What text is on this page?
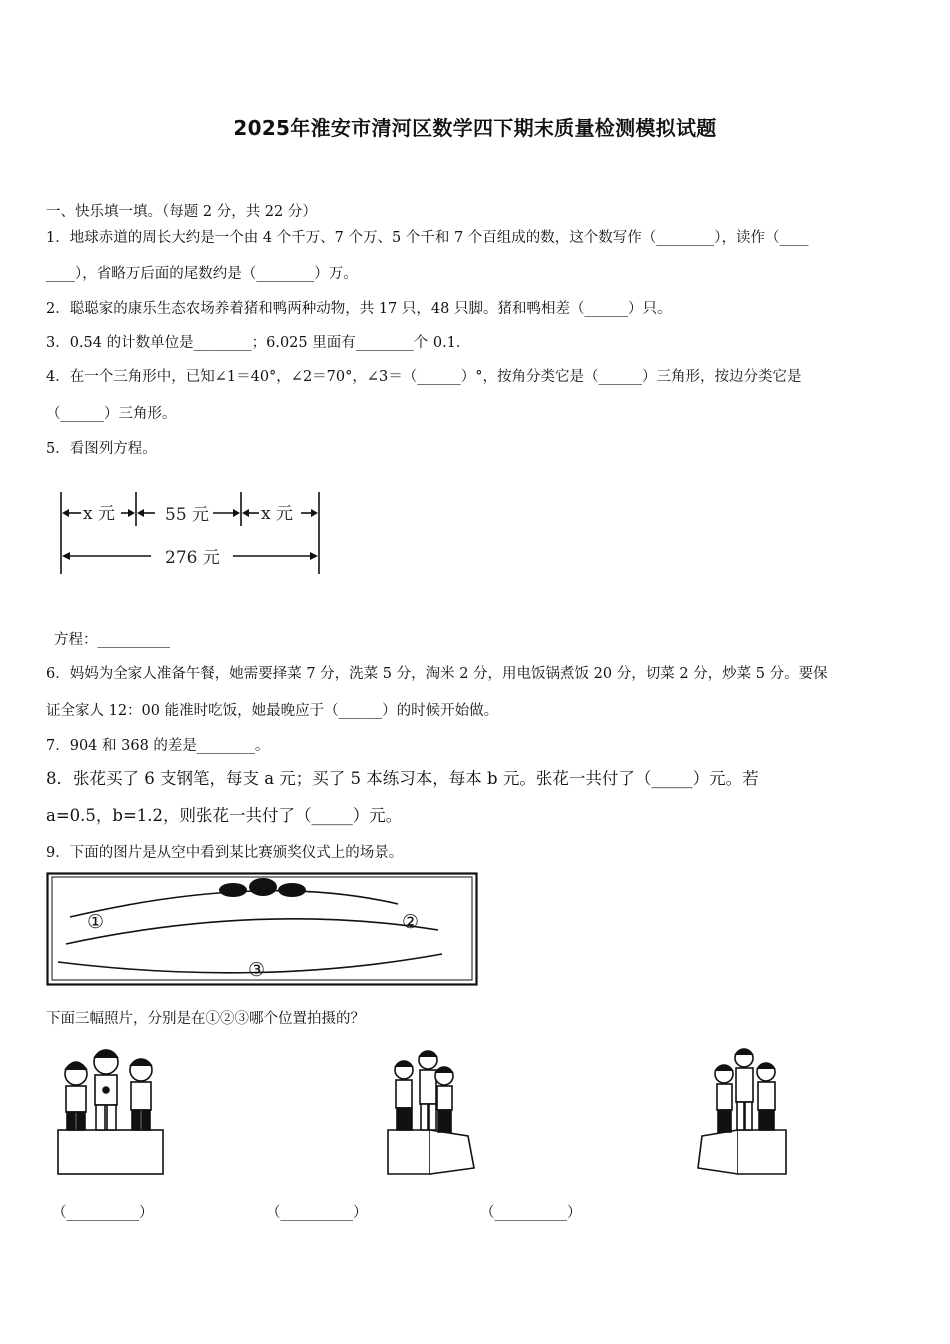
2025年淮安市清河区数学四下期末质量检测模拟试题
一、快乐填一填。（每题 2 分，共 22 分）
1．地球赤道的周长大约是一个由 4 个千万、7 个万、5 个千和 7 个百组成的数，这个数写作（________），读作（____
____），省略万后面的尾数约是（________）万。
2．聪聪家的康乐生态农场养着猪和鸭两种动物，共 17 只，48 只脚。猪和鸭相差（______）只。
3．0.54 的计数单位是________；6.025 里面有________个 0.1．
4．在一个三角形中，已知∠1＝40°，∠2＝70°，∠3＝（______）°，按角分类它是（______）三角形，按边分类它是
（______）三角形。
5．看图列方程。
x 元	55 元	x 元
276 元
方程：__________
6．妈妈为全家人准备午餐，她需要择菜 7 分，洗菜 5 分，淘米 2 分，用电饭锅煮饭 20 分，切菜 2 分，炒菜 5 分。要保
证全家人 12：00 能准时吃饭，她最晚应于（______）的时候开始做。
7．904 和 368 的差是________。
8．张花买了 6 支钢笔，每支 a 元；买了 5 本练习本，每本 b 元。张花一共付了（_____）元。若
a=0.5，b=1.2，则张花一共付了（_____）元。
9．下面的图片是从空中看到某比赛颁奖仪式上的场景。
①	②
③
下面三幅照片，分别是在①②③哪个位置拍摄的？
（__________）	（__________）	（__________）
